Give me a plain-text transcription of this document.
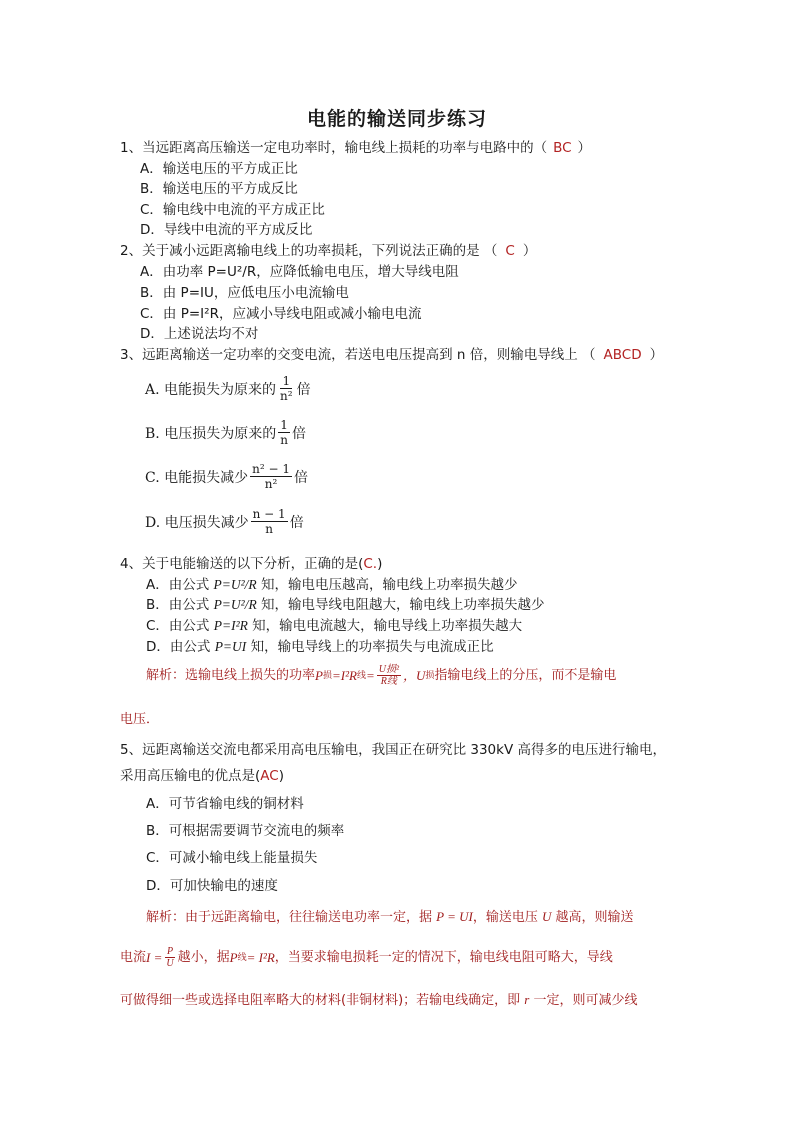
电能的输送同步练习
1、当远距离高压输送一定电功率时，输电线上损耗的功率与电路中的（ BC ）
A．输送电压的平方成正比
B．输送电压的平方成反比
C．输电线中电流的平方成正比
D．导线中电流的平方成反比
2、关于减小远距离输电线上的功率损耗，下列说法正确的是 （ C ）
A．由功率 P=U²/R，应降低输电电压，增大导线电阻
B．由 P=IU，应低电压小电流输电
C．由 P=I²R，应减小导线电阻或减小输电电流
D．上述说法均不对
3、远距离输送一定功率的交变电流，若送电电压提高到 n 倍，则输电导线上 （ ABCD ）
A. 电能损失为原来的 $\frac{1}{\text{n²}}$ 倍
B. 电压损失为原来的 $\frac{1}{n}$ 倍
C. 电能损失减少 $\frac{\text{n² − 1}}{\text{n²}}$ 倍
D. 电压损失减少 $\frac{n - 1}{n}$ 倍
4、关于电能输送的以下分析，正确的是(C.)
A．由公式 P=U²/R 知，输电电压越高，输电线上功率损失越少
B．由公式 P=U²/R 知，输电导线电阻越大，输电线上功率损失越少
C．由公式 P=I²R 知，输电电流越大，输电导线上功率损失越大
D．由公式 P=UI 知，输电导线上的功率损失与电流成正比
解析：选输电线上损失的功率 P 损 =I²R 线 = $\frac{\text{U损²}}{\text{R线}}$ ，U 损 指输电线上的分压，而不是输电
电压．
5、远距离输送交流电都采用高电压输电，我国正在研究比 330kV 高得多的电压进行输电，
采用高压输电的优点是(AC)
A．可节省输电线的铜材料
B．可根据需要调节交流电的频率
C．可减小输电线上能量损失
D．可加快输电的速度
解析：由于远距离输电，往往输送电功率一定，据 P = UI，输送电压 U 越高，则输送
电流 $I = \frac{P}{U}$ 越小，据 P 线 = I²R ，当要求输电损耗一定的情况下，输电线电阻可略大，导线
可做得细一些或选择电阻率略大的材料(非铜材料)；若输电线确定，即 r 一定，则可减少线
